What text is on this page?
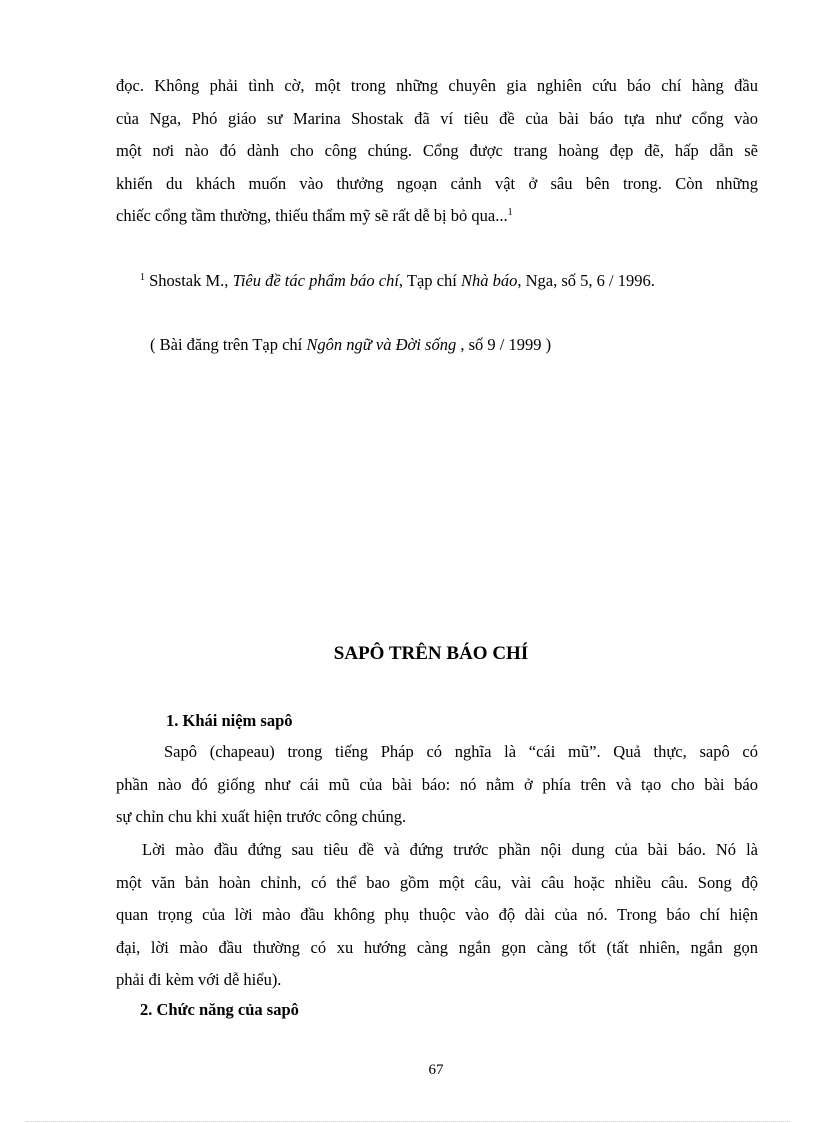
đọc. Không phải tình cờ, một trong những chuyên gia nghiên cứu báo chí hàng đầu
của Nga, Phó giáo sư Marina Shostak đã ví tiêu đề của bài báo tựa như cổng vào
một nơi nào đó dành cho công chúng. Cổng được trang hoàng đẹp đẽ, hấp dẫn sẽ
khiến du khách muốn vào thưởng ngoạn cảnh vật ở sâu bên trong. Còn những
chiếc cổng tầm thường, thiếu thẩm mỹ sẽ rất dễ bị bỏ qua...$^1$
$^1$ Shostak M., Tiêu đề tác phẩm báo chí, Tạp chí Nhà báo, Nga, số 5, 6 / 1996.
( Bài đăng trên Tạp chí Ngôn ngữ và Đời sống , số 9 / 1999 )
SAPÔ TRÊN BÁO CHÍ
1. Khái niệm sapô
Sapô (chapeau) trong tiếng Pháp có nghĩa là “cái mũ”. Quả thực, sapô có
phần nào đó giống như cái mũ của bài báo: nó nằm ở phía trên và tạo cho bài báo
sự chỉn chu khi xuất hiện trước công chúng.
Lời mào đầu đứng sau tiêu đề và đứng trước phần nội dung của bài báo. Nó là
một văn bản hoàn chỉnh, có thể bao gồm một câu, vài câu hoặc nhiều câu. Song độ
quan trọng của lời mào đầu không phụ thuộc vào độ dài của nó. Trong báo chí hiện
đại, lời mào đầu thường có xu hướng càng ngắn gọn càng tốt (tất nhiên, ngắn gọn
phải đi kèm với dễ hiểu).
2. Chức năng của sapô
67
